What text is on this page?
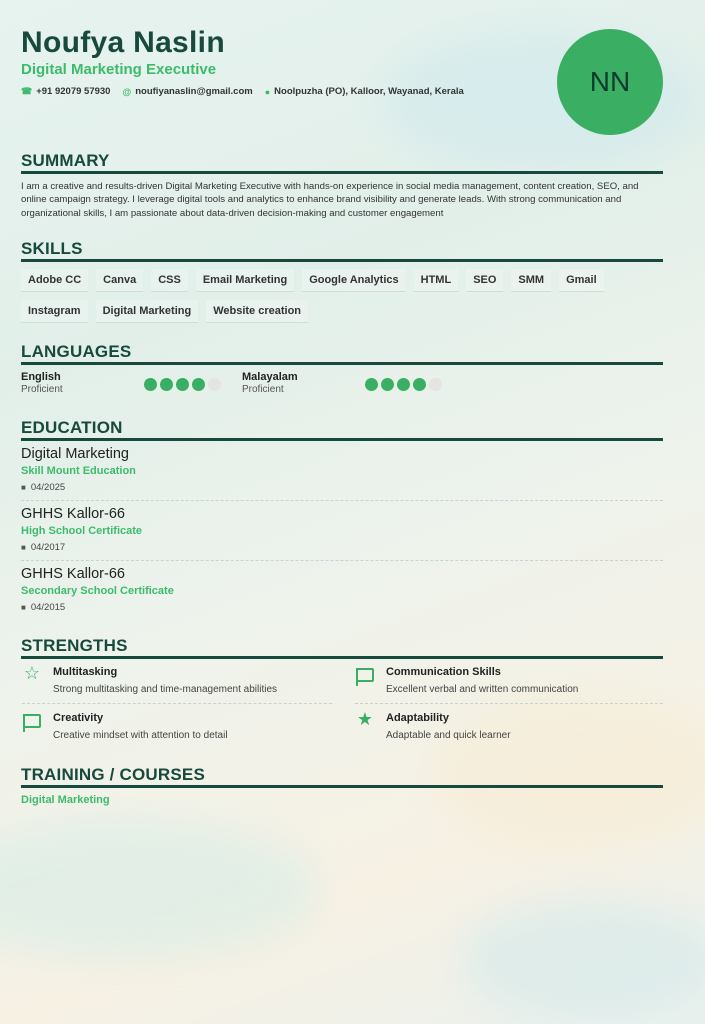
Noufya Naslin
Digital Marketing Executive
☎ +91 92079 57930 @ noufiyanaslin@gmail.com ● Noolpuzha (PO), Kalloor, Wayanad, Kerala	NN
SUMMARY
I am a creative and results-driven Digital Marketing Executive with hands-on experience in social media management, content creation, SEO, and online campaign strategy. I leverage digital tools and analytics to enhance brand visibility and generate leads. With strong communication and organizational skills, I am passionate about data-driven decision-making and customer engagement
SKILLS
Adobe CC	Canva	CSS	Email Marketing	Google Analytics	HTML	SEO	SMM	Gmail
Instagram	Digital Marketing	Website creation
LANGUAGES
English
Proficient
Malayalam
Proficient
EDUCATION
Digital Marketing
Skill Mount Education
■ 04/2025
GHHS Kallor-66
High School Certificate
■ 04/2017
GHHS Kallor-66
Secondary School Certificate
■ 04/2015
STRENGTHS
☆ Multitasking
Strong multitasking and time-management abilities
Communication Skills
Excellent verbal and written communication
Creativity
Creative mindset with attention to detail
★ Adaptability
Adaptable and quick learner
TRAINING / COURSES
Digital Marketing
